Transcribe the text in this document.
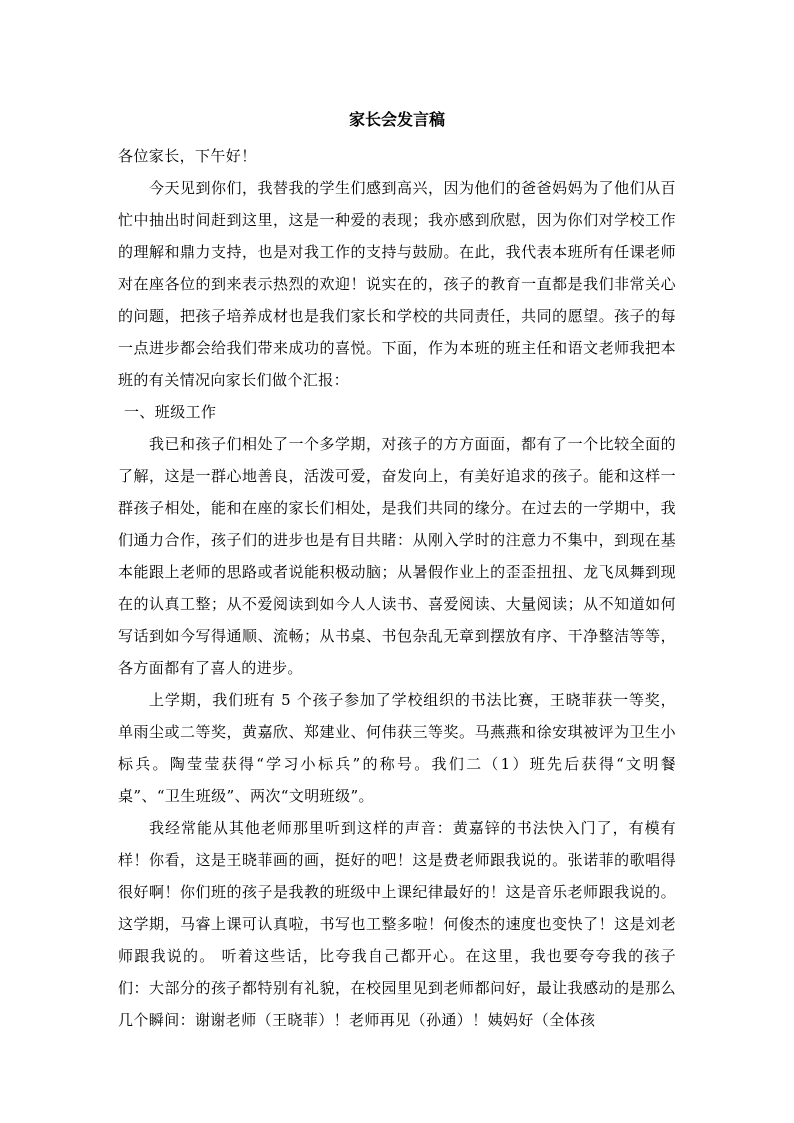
家长会发言稿

各位家长，下午好！

今天见到你们，我替我的学生们感到高兴，因为他们的爸爸妈妈为了他们从百忙中抽出时间赶到这里，这是一种爱的表现；我亦感到欣慰，因为你们对学校工作的理解和鼎力支持，也是对我工作的支持与鼓励。在此，我代表本班所有任课老师对在座各位的到来表示热烈的欢迎！说实在的，孩子的教育一直都是我们非常关心的问题，把孩子培养成材也是我们家长和学校的共同责任，共同的愿望。孩子的每一点进步都会给我们带来成功的喜悦。下面，作为本班的班主任和语文老师我把本班的有关情况向家长们做个汇报：

一、班级工作

我已和孩子们相处了一个多学期，对孩子的方方面面，都有了一个比较全面的了解，这是一群心地善良，活泼可爱，奋发向上，有美好追求的孩子。能和这样一群孩子相处，能和在座的家长们相处，是我们共同的缘分。在过去的一学期中，我们通力合作，孩子们的进步也是有目共睹：从刚入学时的注意力不集中，到现在基本能跟上老师的思路或者说能积极动脑；从暑假作业上的歪歪扭扭、龙飞凤舞到现在的认真工整；从不爱阅读到如今人人读书、喜爱阅读、大量阅读；从不知道如何写话到如今写得通顺、流畅；从书桌、书包杂乱无章到摆放有序、干净整洁等等，各方面都有了喜人的进步。

上学期，我们班有 5 个孩子参加了学校组织的书法比赛，王晓菲获一等奖，单雨尘或二等奖，黄嘉欣、郑建业、何伟获三等奖。马燕燕和徐安琪被评为卫生小标兵。陶莹莹获得“学习小标兵”的称号。我们二（1）班先后获得“文明餐桌”、“卫生班级”、两次“文明班级”。

我经常能从其他老师那里听到这样的声音：黄嘉锌的书法快入门了，有模有样！你看，这是王晓菲画的画，挺好的吧！这是费老师跟我说的。张诺菲的歌唱得很好啊！你们班的孩子是我教的班级中上课纪律最好的！这是音乐老师跟我说的。这学期，马睿上课可认真啦，书写也工整多啦！何俊杰的速度也变快了！这是刘老师跟我说的。 听着这些话，比夸我自己都开心。在这里，我也要夸夸我的孩子们：大部分的孩子都特别有礼貌，在校园里见到老师都问好，最让我感动的是那么几个瞬间：谢谢老师（王晓菲）！老师再见（孙通）！姨妈好（全体孩
